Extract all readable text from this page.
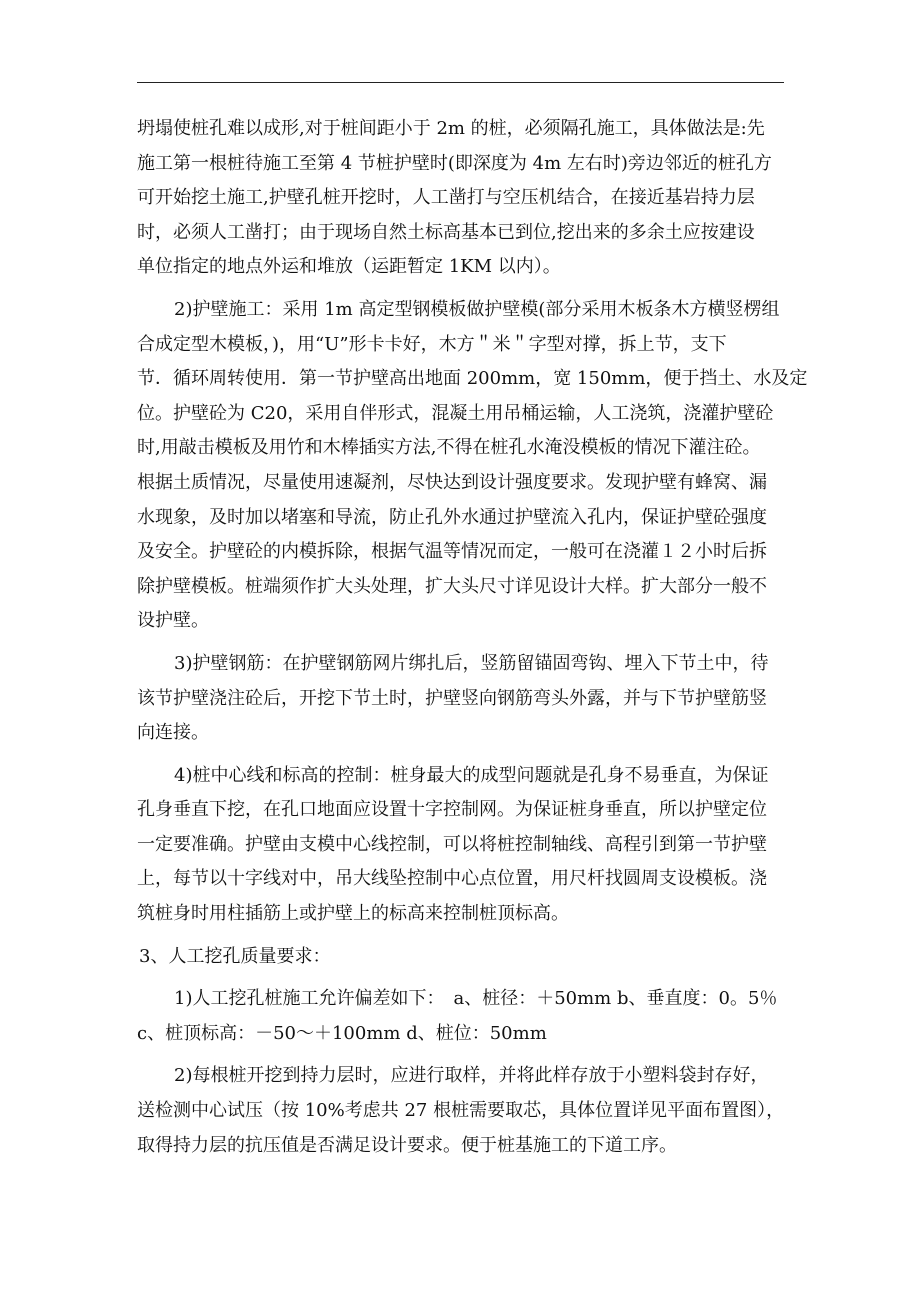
坍塌使桩孔难以成形,对于桩间距小于 2m 的桩，必须隔孔施工，具体做法是:先
施工第一根桩待施工至第 4 节桩护壁时(即深度为 4m 左右时)旁边邻近的桩孔方
可开始挖土施工,护壁孔桩开挖时，人工凿打与空压机结合，在接近基岩持力层
时，必须人工凿打；由于现场自然土标高基本已到位,挖出来的多余土应按建设
单位指定的地点外运和堆放（运距暂定 1KM 以内）。

2)护壁施工：采用 1m 高定型钢模板做护壁模(部分采用木板条木方横竖楞组
合成定型木模板，)，用“U”形卡卡好，木方＂米＂字型对撑，拆上节，支下
节．循环周转使用．第一节护壁高出地面 200mm，宽 150mm，便于挡土、水及定
位。护壁砼为 C20，采用自伴形式，混凝土用吊桶运输，人工浇筑，浇灌护壁砼
时,用敲击模板及用竹和木棒插实方法,不得在桩孔水淹没模板的情况下灌注砼。
根据土质情况，尽量使用速凝剂，尽快达到设计强度要求。发现护壁有蜂窝、漏
水现象，及时加以堵塞和导流，防止孔外水通过护壁流入孔内，保证护壁砼强度
及安全。护壁砼的内模拆除，根据气温等情况而定，一般可在浇灌１２小时后拆
除护壁模板。桩端须作扩大头处理，扩大头尺寸详见设计大样。扩大部分一般不
设护壁。

3)护壁钢筋：在护壁钢筋网片绑扎后，竖筋留锚固弯钩、埋入下节土中，待
该节护壁浇注砼后，开挖下节土时，护壁竖向钢筋弯头外露，并与下节护壁筋竖
向连接。

4)桩中心线和标高的控制：桩身最大的成型问题就是孔身不易垂直，为保证
孔身垂直下挖，在孔口地面应设置十字控制网。为保证桩身垂直，所以护壁定位
一定要准确。护壁由支模中心线控制，可以将桩控制轴线、高程引到第一节护壁
上，每节以十字线对中，吊大线坠控制中心点位置，用尺杆找圆周支设模板。浇
筑桩身时用柱插筋上或护壁上的标高来控制桩顶标高。

3、人工挖孔质量要求：

1)人工挖孔桩施工允许偏差如下：　a、桩径：＋50mm b、垂直度：0。5％
c、桩顶标高：－50～＋100mm d、桩位：50mm

2)每根桩开挖到持力层时，应进行取样，并将此样存放于小塑料袋封存好，
送检测中心试压（按 10%考虑共 27 根桩需要取芯，具体位置详见平面布置图），
取得持力层的抗压值是否满足设计要求。便于桩基施工的下道工序。
